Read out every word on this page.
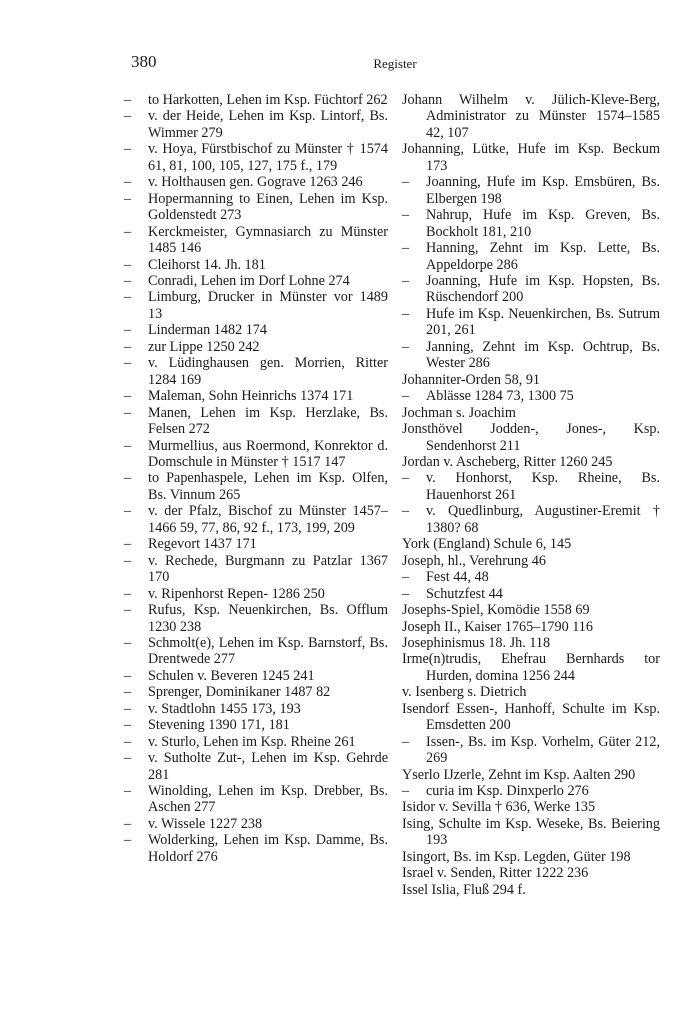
380	Register
– to Harkotten, Lehen im Ksp. Füchtorf 262
– v. der Heide, Lehen im Ksp. Lintorf, Bs. Wimmer 279
– v. Hoya, Fürstbischof zu Münster † 1574 61, 81, 100, 105, 127, 175 f., 179
– v. Holthausen gen. Gograve 1263 246
– Hopermanning to Einen, Lehen im Ksp. Goldenstedt 273
– Kerckmeister, Gymnasiarch zu Münster 1485 146
– Cleihorst 14. Jh. 181
– Conradi, Lehen im Dorf Lohne 274
– Limburg, Drucker in Münster vor 1489 13
– Linderman 1482 174
– zur Lippe 1250 242
– v. Lüdinghausen gen. Morrien, Ritter 1284 169
– Maleman, Sohn Heinrichs 1374 171
– Manen, Lehen im Ksp. Herzlake, Bs. Felsen 272
– Murmellius, aus Roermond, Konrektor d. Domschule in Münster † 1517 147
– to Papenhaspele, Lehen im Ksp. Olfen, Bs. Vinnum 265
– v. der Pfalz, Bischof zu Münster 1457–1466 59, 77, 86, 92 f., 173, 199, 209
– Regevort 1437 171
– v. Rechede, Burgmann zu Patzlar 1367 170
– v. Ripenhorst Repen- 1286 250
– Rufus, Ksp. Neuenkirchen, Bs. Offlum 1230 238
– Schmolt(e), Lehen im Ksp. Barnstorf, Bs. Drentwede 277
– Schulen v. Beveren 1245 241
– Sprenger, Dominikaner 1487 82
– v. Stadtlohn 1455 173, 193
– Stevening 1390 171, 181
– v. Sturlo, Lehen im Ksp. Rheine 261
– v. Sutholte Zut-, Lehen im Ksp. Gehrde 281
– Winolding, Lehen im Ksp. Drebber, Bs. Aschen 277
– v. Wissele 1227 238
– Wolderking, Lehen im Ksp. Damme, Bs. Holdorf 276
Johann Wilhelm v. Jülich-Kleve-Berg, Administrator zu Münster 1574–1585 42, 107
Johanning, Lütke, Hufe im Ksp. Beckum 173
– Joanning, Hufe im Ksp. Emsbüren, Bs. Elbergen 198
– Nahrup, Hufe im Ksp. Greven, Bs. Bockholt 181, 210
– Hanning, Zehnt im Ksp. Lette, Bs. Appeldorpe 286
– Joanning, Hufe im Ksp. Hopsten, Bs. Rüschendorf 200
– Hufe im Ksp. Neuenkirchen, Bs. Sutrum 201, 261
– Janning, Zehnt im Ksp. Ochtrup, Bs. Wester 286
Johanniter-Orden 58, 91
– Ablässe 1284 73, 1300 75
Jochman s. Joachim
Jonsthövel Jodden-, Jones-, Ksp. Sendenhorst 211
Jordan v. Ascheberg, Ritter 1260 245
– v. Honhorst, Ksp. Rheine, Bs. Hauenhorst 261
– v. Quedlinburg, Augustiner-Eremit † 1380? 68
York (England) Schule 6, 145
Joseph, hl., Verehrung 46
– Fest 44, 48
– Schutzfest 44
Josephs-Spiel, Komödie 1558 69
Joseph II., Kaiser 1765–1790 116
Josephinismus 18. Jh. 118
Irme(n)trudis, Ehefrau Bernhards tor Hurden, domina 1256 244
v. Isenberg s. Dietrich
Isendorf Essen-, Hanhoff, Schulte im Ksp. Emsdetten 200
– Issen-, Bs. im Ksp. Vorhelm, Güter 212, 269
Yserlo IJzerle, Zehnt im Ksp. Aalten 290
– curia im Ksp. Dinxperlo 276
Isidor v. Sevilla † 636, Werke 135
Ising, Schulte im Ksp. Weseke, Bs. Beiering 193
Isingort, Bs. im Ksp. Legden, Güter 198
Israel v. Senden, Ritter 1222 236
Issel Islia, Fluß 294 f.
